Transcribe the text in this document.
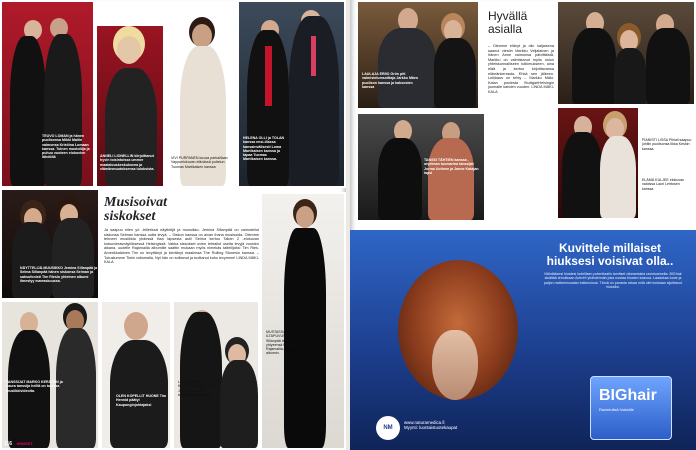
TEUVO LOMAN ja hänen puolisonsa Mikki Mallin vaimonsa Kristiina Lomaan kanssa. Toinen muotoilija ja puhuu vuoteen elokuvien lähdöllä	ANNELI LIONELLIN kiirjoittanut hyvin toisintoissa ummer maatalouskeskuksena ja elämänmuutoksensa tuloksista.
VIVI PURPANEN kuvaa parhaillaan Vappuelokuvan elävässä puhelun Tuomas Martikaisen kanssa
HELENA OLLI ja TOLAN kanssa ensi-illassa kansainvälisesti Loma Martikaisen kanssa ja tapaa Tuomas Martikaisen kanssa.
NÄYTTELIJÄ-MUUSIKKO Jemina Sillanpää ja Selma Sillanpää hänen siskonsa Selman ja saksofonisti Tim Riesin yhteinen albumi ilmestyy marraskuussa.
Musisoivat siskokset
Ja saapuu eilen yö -trillerissä näyttelijä ja muusikko. Jemina Sillanpää on vaimoteliut siskonsa Selman kanssa uutta levyä. – Siskon kanssa on aivan ihana musisoida. Olemme tehneet musiikkia yhdessä ihan lapsesta asti! Selma kertoo Taken 2 -elokuvan kutsuvierasnäytöksessä Helsingissä. Vakka siskokset ovien tehtailut useita levyjä vuosien aikana, uudelle Rajamailla albumille saattin mukaan myös nimekäs taiteilijoita: Tim Ries. Amerikkalainen Tim on levyttänyt ja kiertänyt maailmaa The Rolling Stonesin kanssa. – Tutustumme Timin rattumalla. Nyt hän on soittanut ja tuottanut koko levymme! LINDA MÄKI-KALA
MUSTASSA ILTAPUVUSSA Jo Sillanpää teki yhtyeensä kanssa Rajamailla-albumin.
TANSSIJAT MARKO KERÄNEN ja Laura tanssija heillä on tulossa musiikkivideoita.
OLEN KOPELLIT HUONE Tim Hennid päätyi Kaupunginjohtajaksi
LUULTAVASTI KILJATTOMASTA tuttu Jussi Chydenius tanssiesitys elokuvaa.
116 IHMISET
LAULAJA ERIIO Grön piti valmistelumsoittaja Jarkko Mäen puolison kanssa ja kaksosten kanssa
Hyvällä asialla
– Olemme elänyt ja olin kaljaisena saanut viestin Markku Veijalainen ja hänen Anne vaimonsa päivittäistä. Markku on valmistanut myös osion yhteiskunnalliseen tutkimukseen, aina elää ja kertoo kirjoittavansa elämänkerrasta. Ehkä sen jälkeen. Leikkaus on tehty – Markku Mäki-Kalan puolesta StuttgartHelsingin juomalle kahden vuoden. LINDA MÄKI-KALA
TANSSI TÄHTIEN kanssa -ohjelman tuomarina tanssijat Jorma Uotinen ja Janne Katajan lapsi
PIANISTI LISSA Pihlali saapuu juhliin puolisonsa Ilkka Keskin kanssa.
ELÄMÄ KULJEE elokuvan valoissa Lauri Lehtosen kanssa
Kuvittele millaiset hiuksesi voisivat olla..
Nähdäksesi hiustesi todellisen potentiaalin tarvitset oikeanlaisia ravintoaineita. BIGhair sisältää tehokkaan ActivHI yhdistelmän joka nostaa hiusten kasvua. Laadukas tuote ja paljon ravitsemusalan tutkimuksia. Tämä on parasta rahaa mitä olet koskaan sijoittanut hiuksiisi.
BIGhair
Ravintolisä hiuksille
NM
www.naturamedica.fi
Myynti: luontaistuotekaupat
